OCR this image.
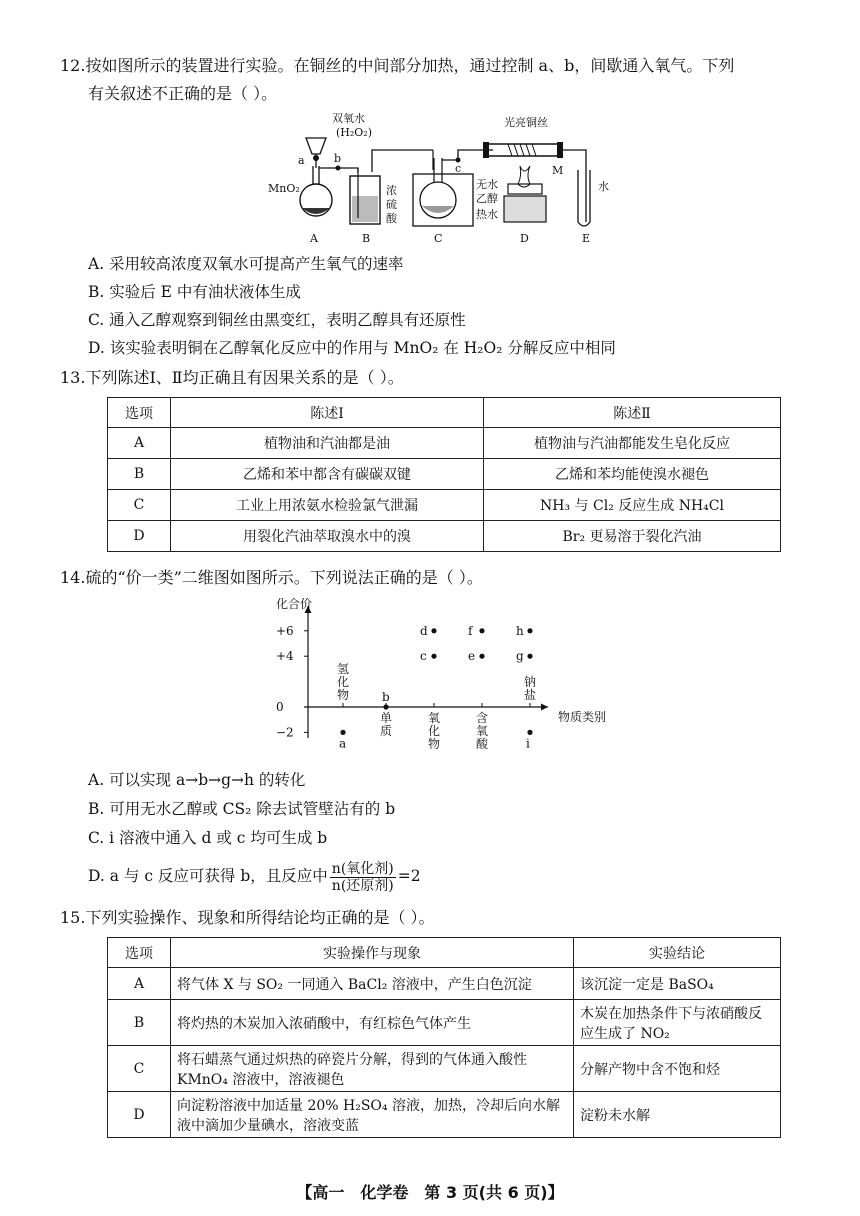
12.按如图所示的装置进行实验。在铜丝的中间部分加热，通过控制 a、b，间歇通入氧气。下列
有关叙述不正确的是（ ）。
双氧水
(H₂O₂)
光亮铜丝
a	b
c	M
MnO₂	浓
硫
酸
无水
乙醇
热水
水
A	B	C	D	E
A. 采用较高浓度双氧水可提高产生氧气的速率
B. 实验后 E 中有油状液体生成
C. 通入乙醇观察到铜丝由黑变红，表明乙醇具有还原性
D. 该实验表明铜在乙醇氧化反应中的作用与 MnO₂ 在 H₂O₂ 分解反应中相同
13.下列陈述Ⅰ、Ⅱ均正确且有因果关系的是（ ）。
选项	陈述Ⅰ	陈述Ⅱ
A	植物油和汽油都是油	植物油与汽油都能发生皂化反应
B	乙烯和苯中都含有碳碳双键	乙烯和苯均能使溴水褪色
C	工业上用浓氨水检验氯气泄漏	NH₃ 与 Cl₂ 反应生成 NH₄Cl
D	用裂化汽油萃取溴水中的溴	Br₂ 更易溶于裂化汽油
14.硫的“价一类”二维图如图所示。下列说法正确的是（ ）。
化合价
物质类别
+6
+4
0
−2
氢
化
物
单
质
氧
化
物
含
氧
酸
钠
盐
a
b
c
d
e
f
g
h
i
A. 可以实现 a→b→g→h 的转化
B. 可用无水乙醇或 CS₂ 除去试管壁沾有的 b
C. i 溶液中通入 d 或 c 均可生成 b
D. a 与 c 反应可获得 b，且反应中 $\frac{\text{n(氧化剂)}}{\text{n(还原剂)}} =2$
15.下列实验操作、现象和所得结论均正确的是（ ）。
选项	实验操作与现象	实验结论
A	将气体 X 与 SO₂ 一同通入 BaCl₂ 溶液中，产生白色沉淀	该沉淀一定是 BaSO₄
B	将灼热的木炭加入浓硝酸中，有红棕色气体产生	木炭在加热条件下与浓硝酸反应生成了 NO₂
C	将石蜡蒸气通过炽热的碎瓷片分解，得到的气体通入酸性 KMnO₄ 溶液中，溶液褪色	分解产物中含不饱和烃
D	向淀粉溶液中加适量 20% H₂SO₄ 溶液，加热，冷却后向水解液中滴加少量碘水，溶液变蓝	淀粉未水解
【高一　化学卷　第 3 页(共 6 页)】
